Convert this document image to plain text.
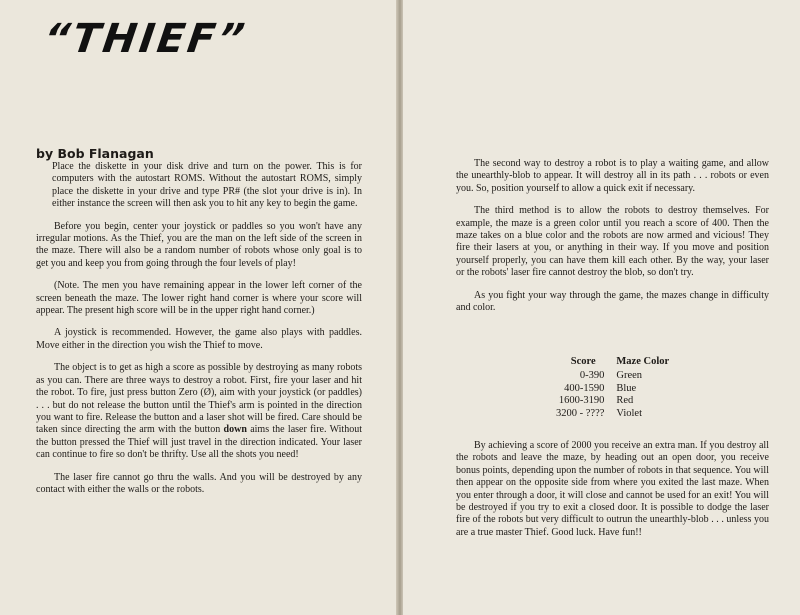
“THIEF”
by Bob Flanagan

Place the diskette in your disk drive and turn on the power. This is for computers with the autostart ROMS. Without the autostart ROMS, simply place the diskette in your drive and type PR# (the slot your drive is in). In either instance the screen will then ask you to hit any key to begin the game.

Before you begin, center your joystick or paddles so you won't have any irregular motions. As the Thief, you are the man on the left side of the screen in the maze. There will also be a random number of robots whose only goal is to get you and keep you from going through the four levels of play!

(Note. The men you have remaining appear in the lower left corner of the screen beneath the maze. The lower right hand corner is where your score will appear. The present high score will be in the upper right hand corner.)

A joystick is recommended. However, the game also plays with paddles. Move either in the direction you wish the Thief to move.

The object is to get as high a score as possible by destroying as many robots as you can. There are three ways to destroy a robot. First, fire your laser and hit the robot. To fire, just press button Zero (Ø), aim with your joystick (or paddles) . . . but do not release the button until the Thief's arm is pointed in the direction you want to fire. Release the button and a laser shot will be fired. Care should be taken since directing the arm with the button down aims the laser fire. Without the button pressed the Thief will just travel in the direction indicated. Your laser can continue to fire so don't be thrifty. Use all the shots you need!

The laser fire cannot go thru the walls. And you will be destroyed by any contact with either the walls or the robots.

The second way to destroy a robot is to play a waiting game, and allow the unearthly-blob to appear. It will destroy all in its path . . . robots or even you. So, position yourself to allow a quick exit if necessary.

The third method is to allow the robots to destroy themselves. For example, the maze is a green color until you reach a score of 400. Then the maze takes on a blue color and the robots are now armed and vicious! They fire their lasers at you, or anything in their way. If you move and position yourself properly, you can have them kill each other. By the way, your laser or the robots' laser fire cannot destroy the blob, so don't try.

As you fight your way through the game, the mazes change in difficulty and color.

Score	Maze Color
0-390	Green
400-1590	Blue
1600-3190	Red
3200 - ????	Violet

By achieving a score of 2000 you receive an extra man. If you destroy all the robots and leave the maze, by heading out an open door, you receive bonus points, depending upon the number of robots in that sequence. You will then appear on the opposite side from where you exited the last maze. When you enter through a door, it will close and cannot be used for an exit! You will be destroyed if you try to exit a closed door. It is possible to dodge the laser fire of the robots but very difficult to outrun the unearthly-blob . . . unless you are a true master Thief. Good luck. Have fun!!
